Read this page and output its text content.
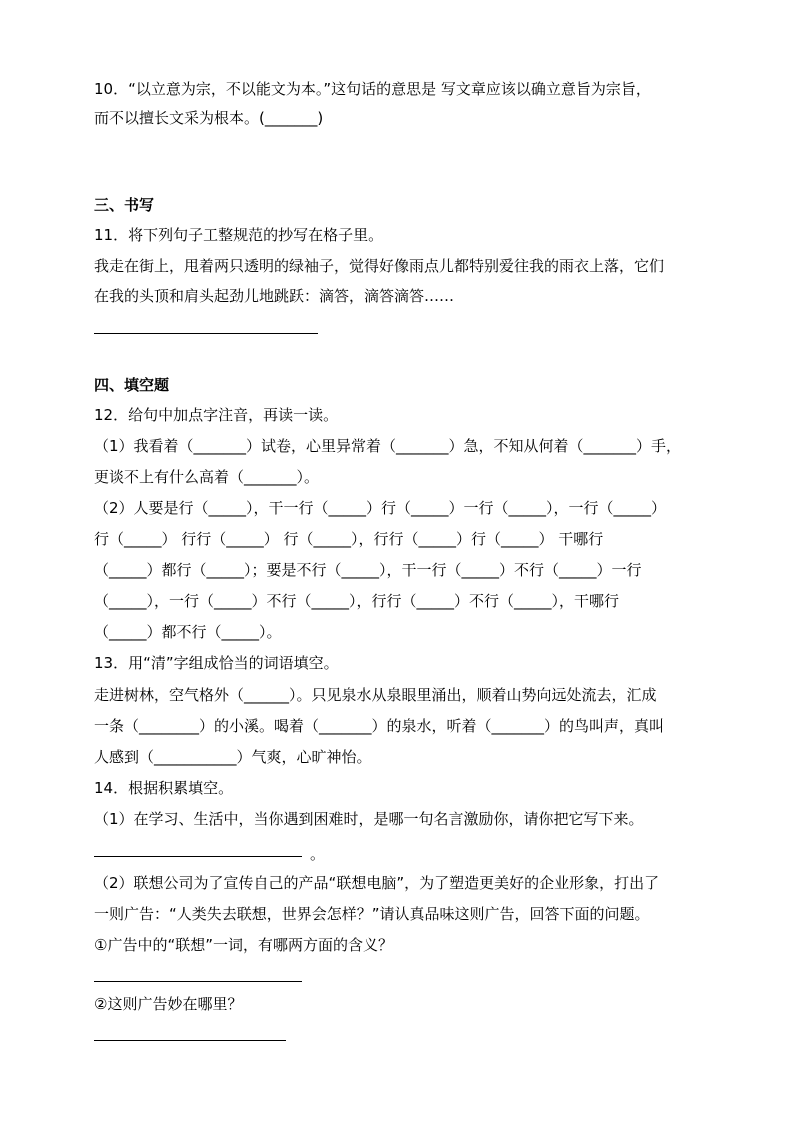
10．“以立意为宗，不以能文为本。”这句话的意思是 写文章应该以确立意旨为宗旨，
而不以擅长文采为根本。(_______)
三、书写
11．将下列句子工整规范的抄写在格子里。
我走在街上，甩着两只透明的绿袖子，觉得好像雨点儿都特别爱往我的雨衣上落，它们
在我的头顶和肩头起劲儿地跳跃：滴答，滴答滴答……
四、填空题
12．给句中加点字注音，再读一读。
（1）我看着（_______）试卷，心里异常着（_______）急，不知从何着（_______）手，
更谈不上有什么高着（_______）。
（2）人要是行（_____），干一行（_____）行（_____）一行（_____），一行（_____）
行（_____） 行行（_____） 行（_____），行行（_____）行（_____） 干哪行
（_____）都行（_____）；要是不行（_____），干一行（_____）不行（_____）一行
（_____），一行（_____）不行（_____），行行（_____）不行（_____），干哪行
（_____）都不行（_____）。
13．用“清”字组成恰当的词语填空。
走进树林，空气格外（______）。只见泉水从泉眼里涌出，顺着山势向远处流去，汇成
一条（________）的小溪。喝着（_______）的泉水，听着（_______）的鸟叫声，真叫
人感到（___________）气爽，心旷神怡。
14．根据积累填空。
（1）在学习、生活中，当你遇到困难时，是哪一句名言激励你，请你把它写下来。
。
（2）联想公司为了宣传自己的产品“联想电脑”，为了塑造更美好的企业形象，打出了
一则广告：“人类失去联想，世界会怎样？”请认真品味这则广告，回答下面的问题。
①广告中的“联想”一词，有哪两方面的含义？
②这则广告妙在哪里？
